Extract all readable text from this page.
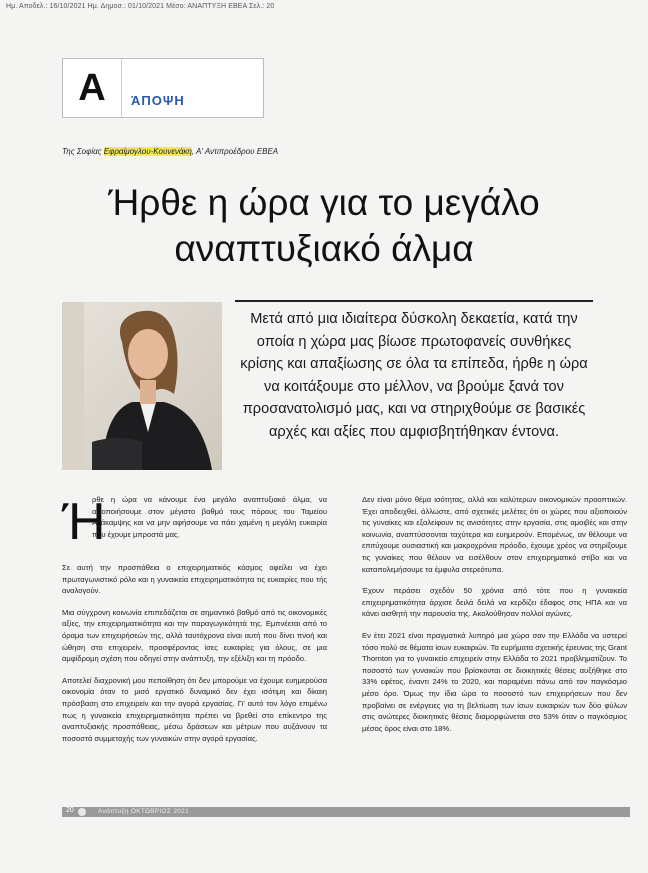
Ημ. Αποδελ.: 16/10/2021 Ημ. Δημοσ.: 01/10/2021 Μέσο: ΑΝΑΠΤΥΞΗ ΕΒΕΑ Σελ.: 20
Α	ΆΠΟΨΗ
Της Σοφίας Εφραίμογλου-Κουνενάκη, Α' Αντιπροέδρου ΕΒΕΑ
Ήρθε η ώρα για το μεγάλο
αναπτυξιακό άλμα
Μετά από μια ιδιαίτερα δύσκολη δεκαετία, κατά την οποία η χώρα μας βίωσε πρωτοφανείς συνθήκες κρίσης και απαξίωσης σε όλα τα επίπεδα, ήρθε η ώρα να κοιτάξουμε στο μέλλον, να βρούμε ξανά τον προσανατολισμό μας, και να στηριχθούμε σε βασικές αρχές και αξίες που αμφισβητήθηκαν έντονα.

Ή
ρθε η ώρα να κάνουμε ένα μεγάλο αναπτυξιακό άλμα, να αξιοποιήσουμε στον μέγιστο βαθμό τους πόρους του Ταμείου Ανάκαμψης και να μην αφήσουμε να πάει χαμένη η μεγάλη ευκαιρία που έχουμε μπροστά μας.

Σε αυτή την προσπάθεια ο επιχειρηματικός κόσμος οφείλει να έχει πρωταγωνιστικό ρόλο και η γυναικεία επιχειρηματικότητα τις ευκαιρίες που τής αναλογούν.

Μια σύγχρονη κοινωνία επιπεδάζεται σε σημαντικό βαθμό από τις οικονομικές αξίες, την επιχειρηματικότητα και την παραγωγικότητά της. Εμπνέεται από το όραμα των επιχειρήσεών της, αλλά ταυτόχρονα είναι αυτή που δίνει πνοή και ώθηση στο επιχειρείν, προσφέροντας ίσες ευκαιρίες για όλους, σε μια αμφίδρομη σχέση που οδηγεί στην ανάπτυξη, την εξέλιξη και τη πρόοδο.

Αποτελεί διαχρονική μου πεποίθηση ότι δεν μπορούμε να έχουμε ευημερούσα οικονομία όταν το μισό εργατικό δυναμικό δεν έχει ισότιμη και δίκαιη πρόσβαση στο επιχειρείν και την αγορά εργασίας. Γι' αυτό τον λόγο επιμένω πως η γυναικεία επιχειρηματικότητα πρέπει να βρεθεί στο επίκεντρο της αναπτυξιακής προσπάθειας, μέσω δράσεων και μέτρων που αυξάνουν τα ποσοστά συμμετοχής των γυναικών στην αγορά εργασίας.

Δεν είναι μόνο θέμα ισότητας, αλλά και καλύτερων οικονομικών προοπτικών. Έχει αποδειχθεί, άλλωστε, από σχετικές μελέτες ότι οι χώρες που αξιοποιούν τις γυναίκες και εξαλείφουν τις ανισότητες στην εργασία, στις αμοιβές και στην κοινωνία, αναπτύσσονται ταχύτερα και ευημερούν. Επομένως, αν θέλουμε να επιτύχουμε ουσιαστική και μακροχρόνια πρόοδο, έχουμε χρέος να στηρίξουμε τις γυναίκες που θέλουν να εισέλθουν στον επιχειρηματικό στίβο και να καταπολεμήσουμε τα έμφυλα στερεότυπα.

Έχουν περάσει σχεδόν 50 χρόνια από τότε που η γυναικεία επιχειρηματικότητα άρχισε δειλά δειλά να κερδίζει έδαφος στις ΗΠΑ και να κάνει αισθητή την παρουσία της. Ακολούθησαν πολλοί αγώνες.

Εν έτει 2021 είναι πραγματικά λυπηρό μια χώρα σαν την Ελλάδα να υστερεί τόσο πολύ σε θέματα ίσων ευκαιριών. Τα ευρήματα σχετικής έρευνας της Grant Thornton για το γυναικείο επιχειρείν στην Ελλάδα το 2021 προβληματίζουν. Το ποσοστό των γυναικών που βρίσκονται σε διοικητικές θέσεις αυξήθηκε στο 33% εφέτος, έναντι 24% το 2020, και παραμένει πάνω από τον παγκόσμιο μέσο όρο. Όμως την ίδια ώρα το ποσοστό των επιχειρήσεων που δεν προβαίνει σε ενέργειες για τη βελτίωση των ίσων ευκαιριών των δύο φύλων στις ανώτερες διοικητικές θέσεις διαμορφώνεται στο 53% όταν ο παγκόσμιος μέσος όρος είναι στο 18%.

20	Ανάπτυξη ΟΚΤΩΒΡΙΟΣ 2021
